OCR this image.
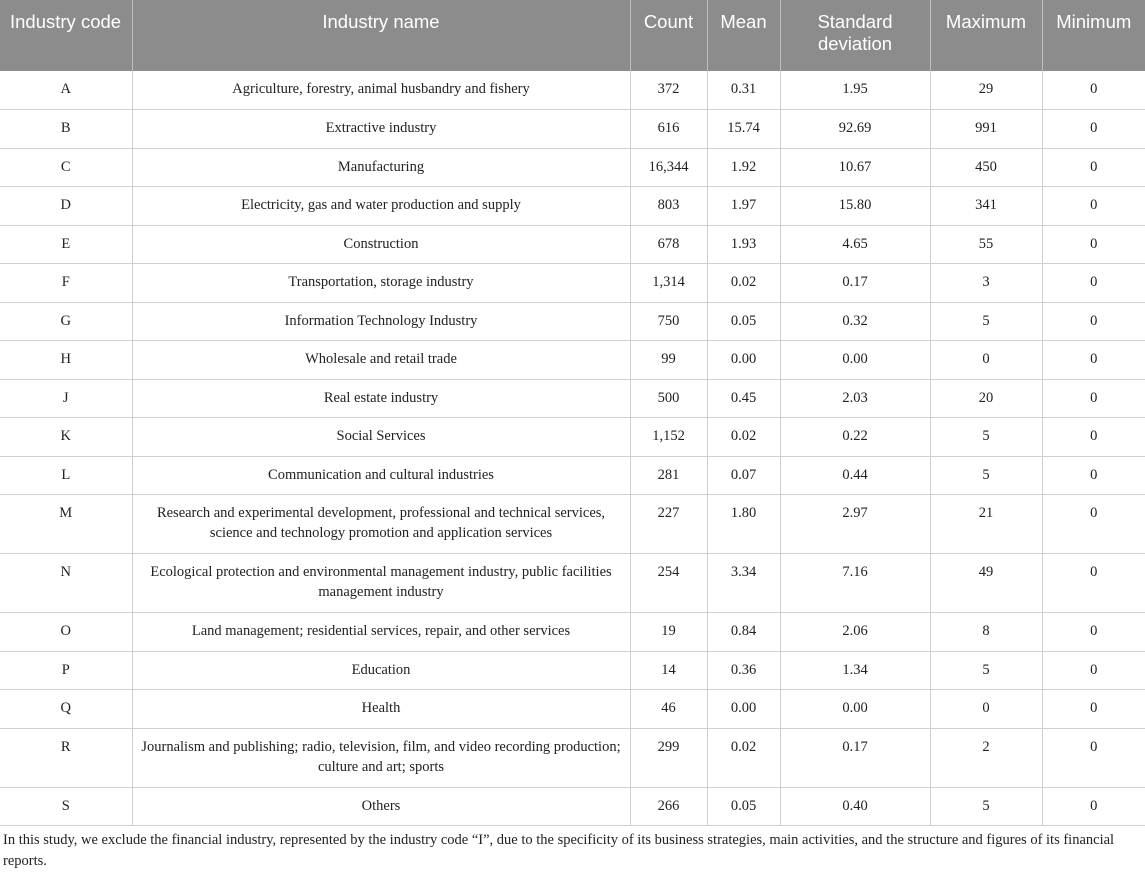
Industry code	Industry name	Count	Mean	Standard deviation	Maximum	Minimum
A	Agriculture, forestry, animal husbandry and fishery	372	0.31	1.95	29	0
B	Extractive industry	616	15.74	92.69	991	0
C	Manufacturing	16,344	1.92	10.67	450	0
D	Electricity, gas and water production and supply	803	1.97	15.80	341	0
E	Construction	678	1.93	4.65	55	0
F	Transportation, storage industry	1,314	0.02	0.17	3	0
G	Information Technology Industry	750	0.05	0.32	5	0
H	Wholesale and retail trade	99	0.00	0.00	0	0
J	Real estate industry	500	0.45	2.03	20	0
K	Social Services	1,152	0.02	0.22	5	0
L	Communication and cultural industries	281	0.07	0.44	5	0
M	Research and experimental development, professional and technical services, science and technology promotion and application services	227	1.80	2.97	21	0
N	Ecological protection and environmental management industry, public facilities management industry	254	3.34	7.16	49	0
O	Land management; residential services, repair, and other services	19	0.84	2.06	8	0
P	Education	14	0.36	1.34	5	0
Q	Health	46	0.00	0.00	0	0
R	Journalism and publishing; radio, television, film, and video recording production; culture and art; sports	299	0.02	0.17	2	0
S	Others	266	0.05	0.40	5	0
In this study, we exclude the financial industry, represented by the industry code “I”, due to the specificity of its business strategies, main activities, and the structure and figures of its financial reports.
